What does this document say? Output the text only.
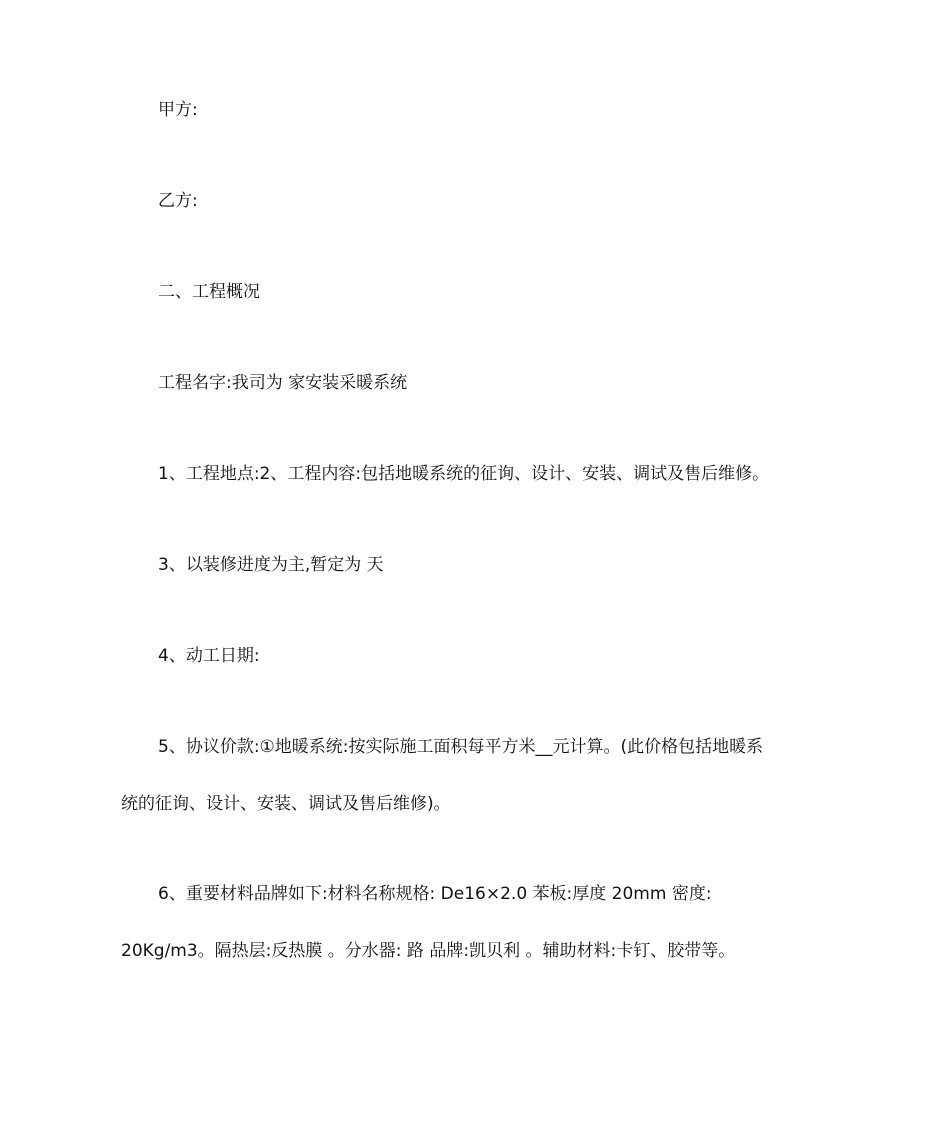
甲方:
乙方:
二、工程概况
工程名字:我司为 家安装采暖系统
1、工程地点:2、工程内容:包括地暖系统的征询、设计、安装、调试及售后维修。
3、以装修进度为主,暂定为 天
4、动工日期:
5、协议价款:①地暖系统:按实际施工面积每平方米__元计算。(此价格包括地暖系
统的征询、设计、安装、调试及售后维修)。
6、重要材料品牌如下:材料名称规格: De16×2.0 苯板:厚度 20mm 密度:
20Kg/m3。隔热层:反热膜 。分水器: 路 品牌:凯贝利 。辅助材料:卡钉、胶带等。
